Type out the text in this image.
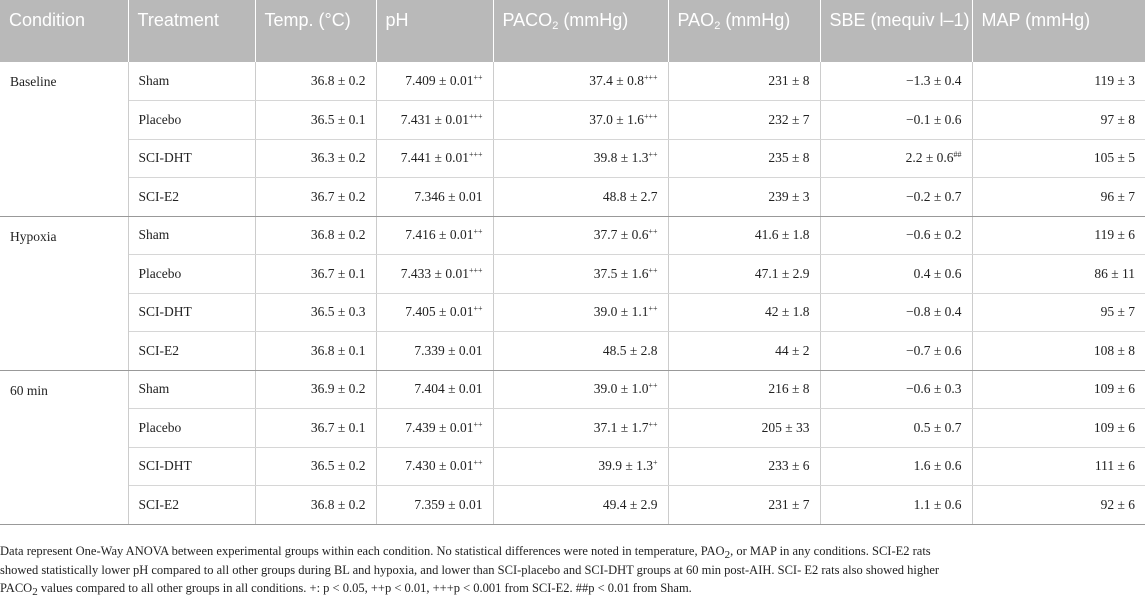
Condition	Treatment	Temp. (°C)	pH	$PACO_2$ (mmHg)	$PAO_2$ (mmHg)	SBE (mequiv l–1)	MAP (mmHg)
Baseline	Sham	36.8 ± 0.2	7.409 ± 0.01++	37.4 ± 0.8+++	231 ± 8	−1.3 ± 0.4	119 ± 3
	Placebo	36.5 ± 0.1	7.431 ± 0.01+++	37.0 ± 1.6+++	232 ± 7	−0.1 ± 0.6	97 ± 8
	SCI-DHT	36.3 ± 0.2	7.441 ± 0.01+++	39.8 ± 1.3++	235 ± 8	2.2 ± 0.6##	105 ± 5
	SCI-E2	36.7 ± 0.2	7.346 ± 0.01	48.8 ± 2.7	239 ± 3	−0.2 ± 0.7	96 ± 7
Hypoxia	Sham	36.8 ± 0.2	7.416 ± 0.01++	37.7 ± 0.6++	41.6 ± 1.8	−0.6 ± 0.2	119 ± 6
	Placebo	36.7 ± 0.1	7.433 ± 0.01+++	37.5 ± 1.6++	47.1 ± 2.9	0.4 ± 0.6	86 ± 11
	SCI-DHT	36.5 ± 0.3	7.405 ± 0.01++	39.0 ± 1.1++	42 ± 1.8	−0.8 ± 0.4	95 ± 7
	SCI-E2	36.8 ± 0.1	7.339 ± 0.01	48.5 ± 2.8	44 ± 2	−0.7 ± 0.6	108 ± 8
60 min	Sham	36.9 ± 0.2	7.404 ± 0.01	39.0 ± 1.0++	216 ± 8	−0.6 ± 0.3	109 ± 6
	Placebo	36.7 ± 0.1	7.439 ± 0.01++	37.1 ± 1.7++	205 ± 33	0.5 ± 0.7	109 ± 6
	SCI-DHT	36.5 ± 0.2	7.430 ± 0.01++	39.9 ± 1.3+	233 ± 6	1.6 ± 0.6	111 ± 6
	SCI-E2	36.8 ± 0.2	7.359 ± 0.01	49.4 ± 2.9	231 ± 7	1.1 ± 0.6	92 ± 6

Data represent One-Way ANOVA between experimental groups within each condition. No statistical differences were noted in temperature, $PAO_2$, or MAP in any conditions. SCI-E2 rats

showed statistically lower pH compared to all other groups during BL and hypoxia, and lower than SCI-placebo and SCI-DHT groups at 60 min post-AIH. SCI- E2 rats also showed higher

$PACO_2$ values compared to all other groups in all conditions. +: p < 0.05, ++p < 0.01, +++p < 0.001 from SCI-E2. ##p < 0.01 from Sham.
